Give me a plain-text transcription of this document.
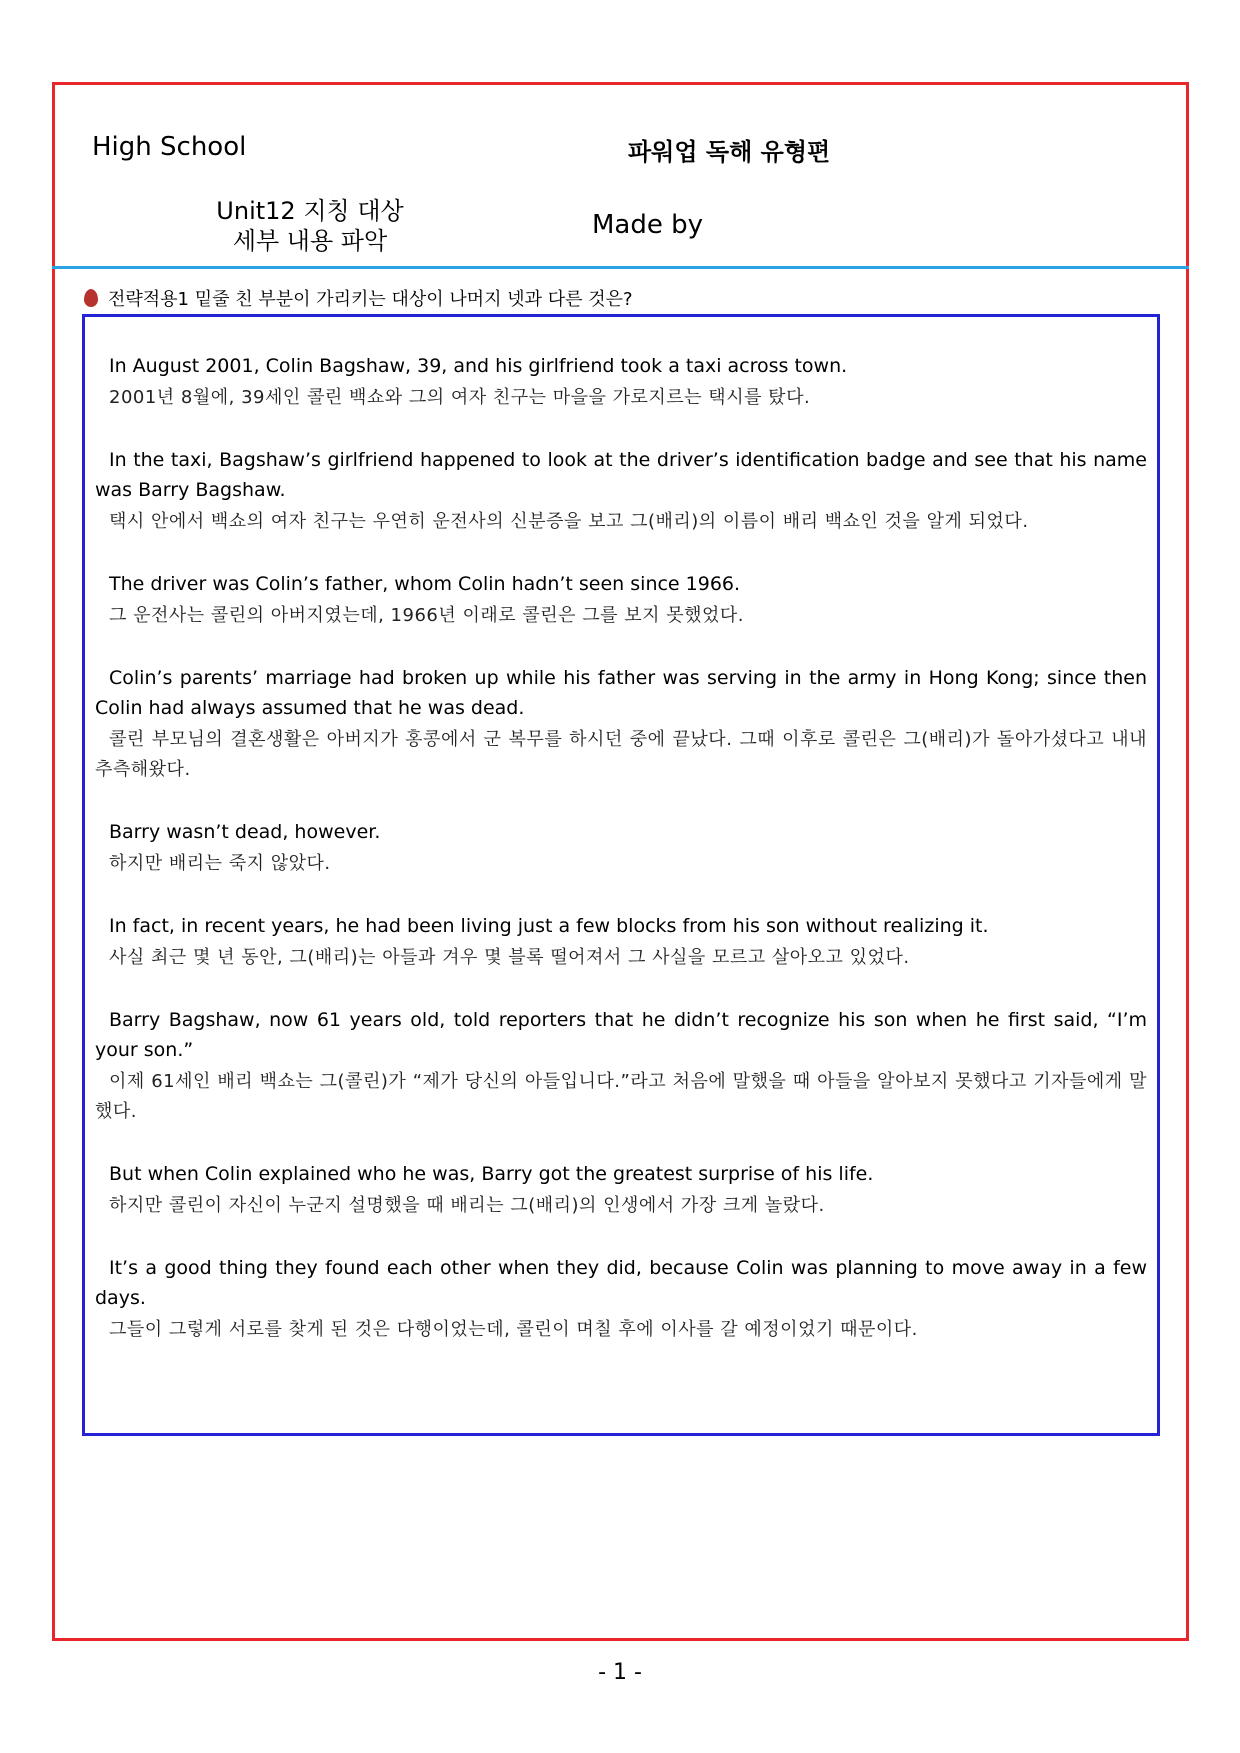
High School	파워업 독해 유형편
Unit12 지칭 대상
세부 내용 파악
Made by
전략적용1 밑줄 친 부분이 가리키는 대상이 나머지 넷과 다른 것은?
In August 2001, Colin Bagshaw, 39, and his girlfriend took a taxi across town.
2001년 8월에, 39세인 콜린 백쇼와 그의 여자 친구는 마을을 가로지르는 택시를 탔다.
In the taxi, Bagshaw’s girlfriend happened to look at the driver’s identification badge and see that his name was Barry Bagshaw.
택시 안에서 백쇼의 여자 친구는 우연히 운전사의 신분증을 보고 그(배리)의 이름이 배리 백쇼인 것을 알게 되었다.
The driver was Colin’s father, whom Colin hadn’t seen since 1966.
그 운전사는 콜린의 아버지였는데, 1966년 이래로 콜린은 그를 보지 못했었다.
Colin’s parents’ marriage had broken up while his father was serving in the army in Hong Kong; since then Colin had always assumed that he was dead.
콜린 부모님의 결혼생활은 아버지가 홍콩에서 군 복무를 하시던 중에 끝났다. 그때 이후로 콜린은 그(배리)가 돌아가셨다고 내내 추측해왔다.
Barry wasn’t dead, however.
하지만 배리는 죽지 않았다.
In fact, in recent years, he had been living just a few blocks from his son without realizing it.
사실 최근 몇 년 동안, 그(배리)는 아들과 겨우 몇 블록 떨어져서 그 사실을 모르고 살아오고 있었다.
Barry Bagshaw, now 61 years old, told reporters that he didn’t recognize his son when he first said, “I’m your son.”
이제 61세인 배리 백쇼는 그(콜린)가 “제가 당신의 아들입니다.”라고 처음에 말했을 때 아들을 알아보지 못했다고 기자들에게 말했다.
But when Colin explained who he was, Barry got the greatest surprise of his life.
하지만 콜린이 자신이 누군지 설명했을 때 배리는 그(배리)의 인생에서 가장 크게 놀랐다.
It’s a good thing they found each other when they did, because Colin was planning to move away in a few days.
그들이 그렇게 서로를 찾게 된 것은 다행이었는데, 콜린이 며칠 후에 이사를 갈 예정이었기 때문이다.
- 1 -
